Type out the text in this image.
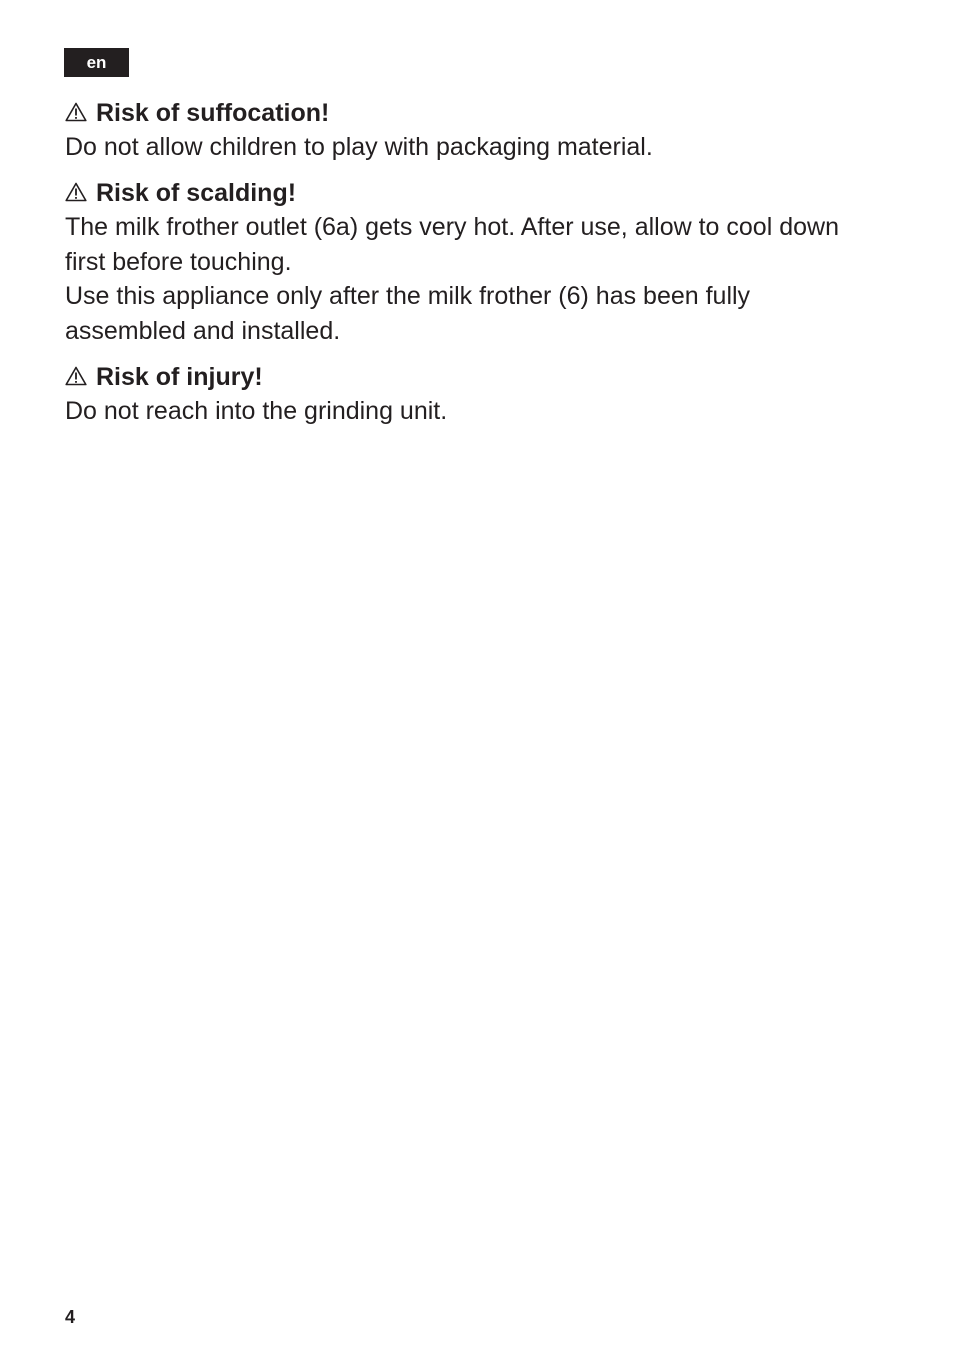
en
Risk of suffocation!
Do not allow children to play with packaging material.
Risk of scalding!
The milk frother outlet (6a) gets very hot. After use, allow to cool down first before touching.
Use this appliance only after the milk frother (6) has been fully assembled and installed.
Risk of injury!
Do not reach into the grinding unit.
4
